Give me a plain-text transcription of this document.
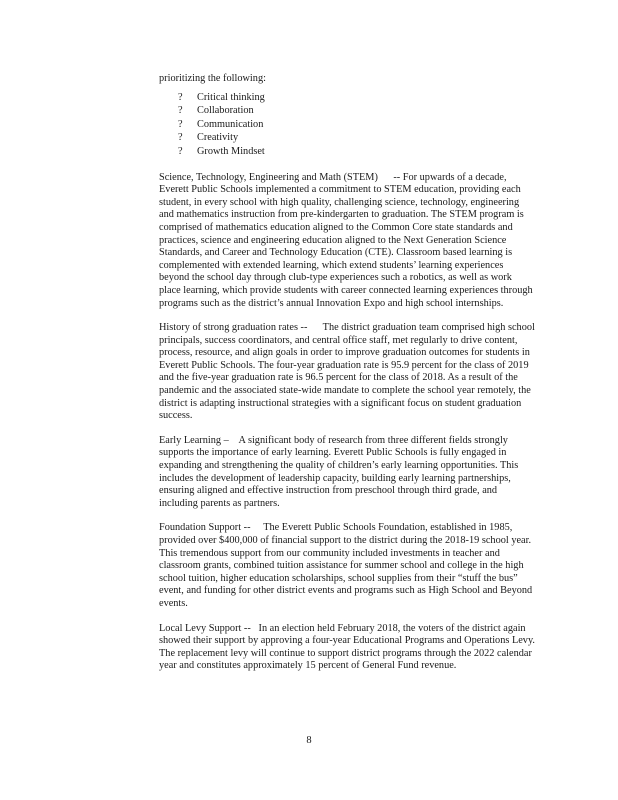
prioritizing the following:

?	Critical thinking
?	Collaboration
?	Communication
?	Creativity
?	Growth Mindset

Science, Technology, Engineering and Math (STEM)      -- For upwards of a decade, Everett Public Schools implemented a commitment to STEM education, providing each student, in every school with high quality, challenging science, technology, engineering and mathematics instruction from pre-kindergarten to graduation. The STEM program is comprised of mathematics education aligned to the Common Core state standards and practices, science and engineering education aligned to the Next Generation Science Standards, and Career and Technology Education (CTE). Classroom based learning is complemented with extended learning, which extend students’ learning experiences beyond the school day through club-type experiences such a robotics, as well as work place learning, which provide students with career connected learning experiences through programs such as the district’s annual Innovation Expo and high school internships.

History of strong graduation rates --      The district graduation team comprised high school principals, success coordinators, and central office staff, met regularly to drive content, process, resource, and align goals in order to improve graduation outcomes for students in Everett Public Schools. The four-year graduation rate is 95.9 percent for the class of 2019 and the five-year graduation rate is 96.5 percent for the class of 2018. As a result of the pandemic and the associated state-wide mandate to complete the school year remotely, the district is adapting instructional strategies with a significant focus on student graduation success.

Early Learning –    A significant body of research from three different fields strongly supports the importance of early learning. Everett Public Schools is fully engaged in expanding and strengthening the quality of children’s early learning opportunities. This includes the development of leadership capacity, building early learning partnerships, ensuring aligned and effective instruction from preschool through third grade, and including parents as partners.

Foundation Support --     The Everett Public Schools Foundation, established in 1985, provided over $400,000 of financial support to the district during the 2018-19 school year. This tremendous support from our community included investments in teacher and classroom grants, combined tuition assistance for summer school and college in the high school tuition, higher education scholarships, school supplies from their “stuff the bus” event, and funding for other district events and programs such as High School and Beyond events.

Local Levy Support --   In an election held February 2018, the voters of the district again showed their support by approving a four-year Educational Programs and Operations Levy. The replacement levy will continue to support district programs through the 2022 calendar year and constitutes approximately 15 percent of General Fund revenue.

8
